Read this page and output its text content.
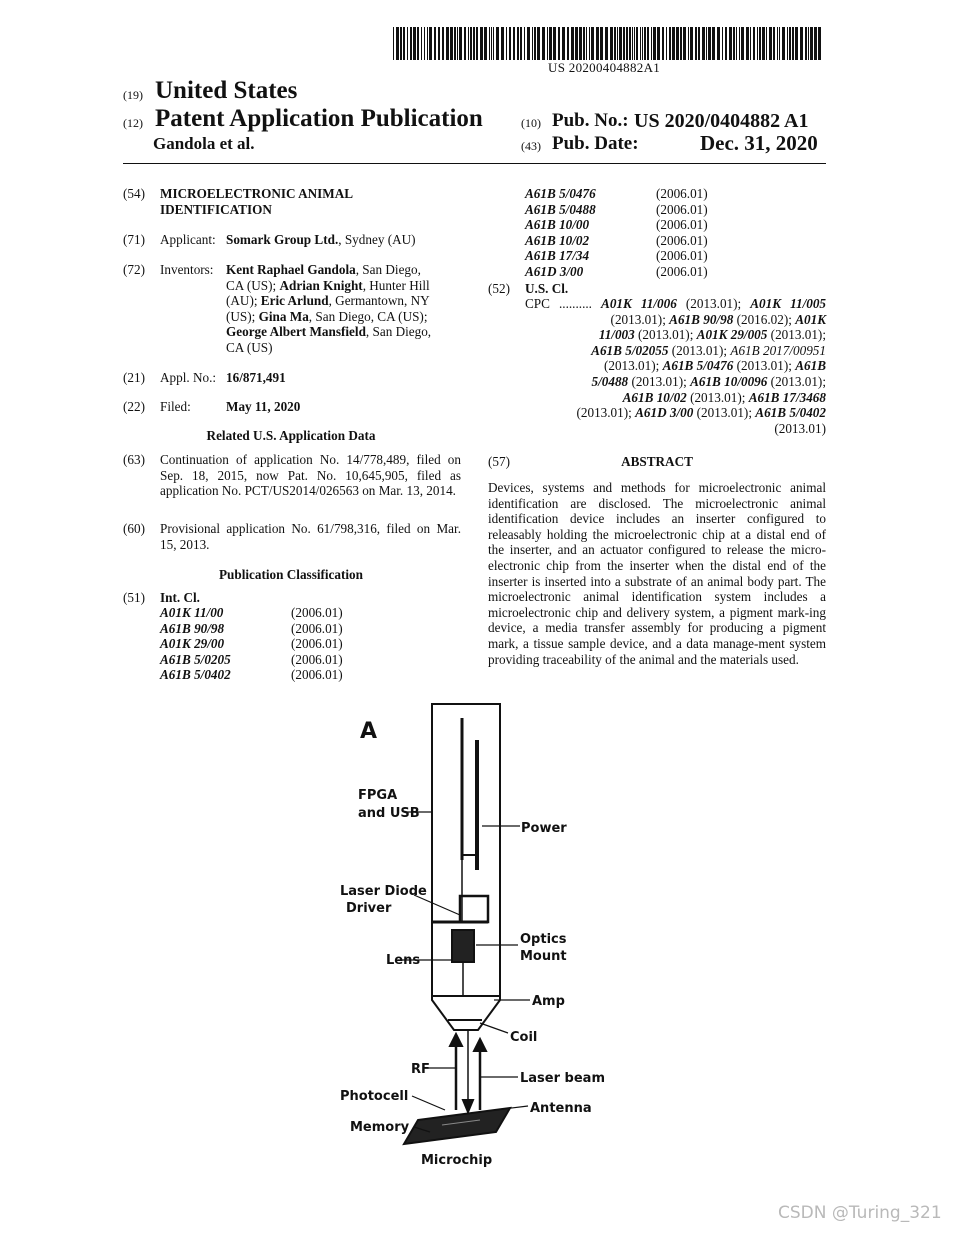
US 20200404882A1
(19) United States
(12) Patent Application Publication
Gandola et al.
(10) Pub. No.: US 2020/0404882 A1
(43) Pub. Date:	Dec. 31, 2020
(54) MICROELECTRONIC ANIMAL
IDENTIFICATION
(71) Applicant: Somark Group Ltd., Sydney (AU)
(72) Inventors: Kent Raphael Gandola, San Diego,
CA (US); Adrian Knight, Hunter Hill
(AU); Eric Arlund, Germantown, NY
(US); Gina Ma, San Diego, CA (US);
George Albert Mansfield, San Diego,
CA (US)
(21) Appl. No.: 16/871,491
(22) Filed:	May 11, 2020
Related U.S. Application Data
(63) Continuation of application No. 14/778,489, filed on Sep. 18, 2015, now Pat. No. 10,645,905, filed as application No. PCT/US2014/026563 on Mar. 13, 2014.
(60) Provisional application No. 61/798,316, filed on Mar. 15, 2013.
Publication Classification
(51) Int. Cl.
A01K 11/00	(2006.01)
A61B 90/98	(2006.01)
A01K 29/00	(2006.01)
A61B 5/0205	(2006.01)
A61B 5/0402	(2006.01)
A61B 5/0476	(2006.01)
A61B 5/0488	(2006.01)
A61B 10/00	(2006.01)
A61B 10/02	(2006.01)
A61B 17/34	(2006.01)
A61D 3/00	(2006.01)
(52) U.S. Cl.
CPC .......... A01K 11/006 (2013.01); A01K 11/005
(2013.01); A61B 90/98 (2016.02); A01K
11/003 (2013.01); A01K 29/005 (2013.01);
A61B 5/02055 (2013.01); A61B 2017/00951
(2013.01); A61B 5/0476 (2013.01); A61B
5/0488 (2013.01); A61B 10/0096 (2013.01);
A61B 10/02 (2013.01); A61B 17/3468
(2013.01); A61D 3/00 (2013.01); A61B 5/0402
(2013.01)
(57)	ABSTRACT
Devices, systems and methods for microelectronic animal identification are disclosed. The microelectronic animal identification device includes an inserter configured to releasably holding the microelectronic chip at a distal end of the inserter, and an actuator configured to release the micro-electronic chip from the inserter when the distal end of the inserter is inserted into a substrate of an animal body part. The microelectronic animal identification system includes a microelectronic chip and delivery system, a pigment mark-ing device, a media transfer assembly for producing a pigment mark, a tissue sample device, and a data manage-ment system providing traceability of the animal and the materials used.
A
FPGA
and USB
Power
Laser Diode
Driver
Optics
Mount
Lens
Amp
Coil
RF
Laser beam
Photocell
Antenna
Memory
Microchip
CSDN @Turing_321
